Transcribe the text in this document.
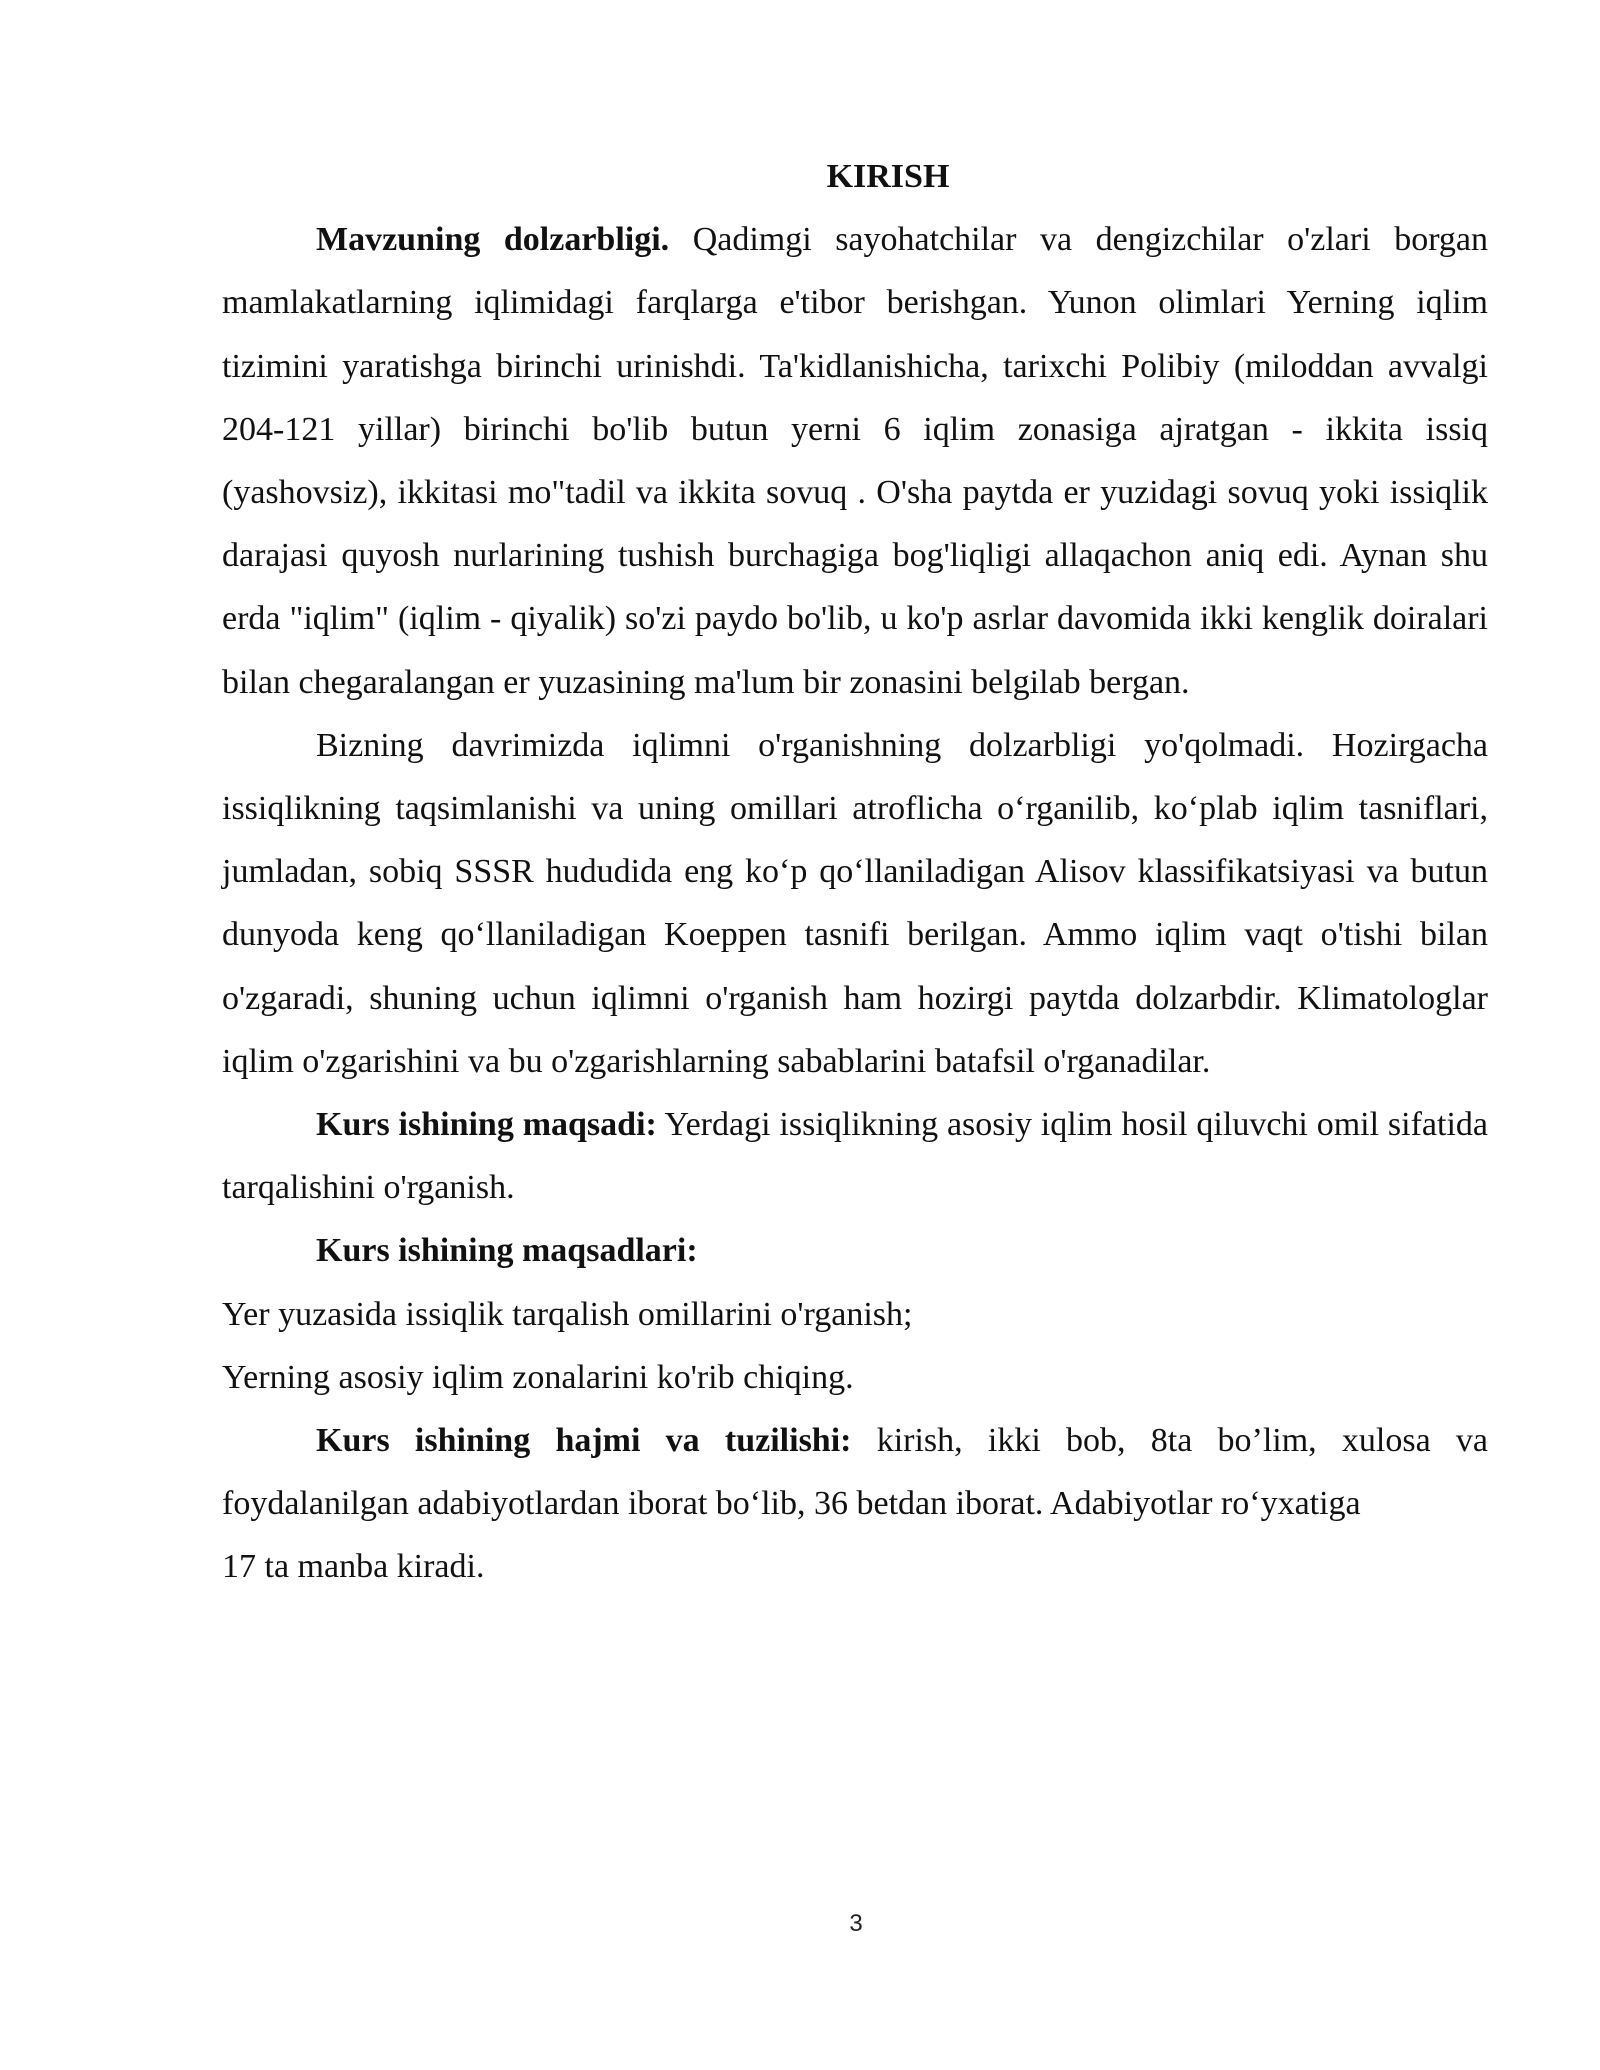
KIRISH

Mavzuning dolzarbligi. Qadimgi sayohatchilar va dengizchilar o'zlari borgan mamlakatlarning iqlimidagi farqlarga e'tibor berishgan. Yunon olimlari Yerning iqlim tizimini yaratishga birinchi urinishdi. Ta'kidlanishicha, tarixchi Polibiy (miloddan avvalgi 204-121 yillar) birinchi bo'lib butun yerni 6 iqlim zonasiga ajratgan - ikkita issiq (yashovsiz), ikkitasi mo"tadil va ikkita sovuq . O'sha paytda er yuzidagi sovuq yoki issiqlik darajasi quyosh nurlarining tushish burchagiga bog'liqligi allaqachon aniq edi. Aynan shu erda "iqlim" (iqlim - qiyalik) so'zi paydo bo'lib, u ko'p asrlar davomida ikki kenglik doiralari bilan chegaralangan er yuzasining ma'lum bir zonasini belgilab bergan.

Bizning davrimizda iqlimni o'rganishning dolzarbligi yo'qolmadi. Hozirgacha issiqlikning taqsimlanishi va uning omillari atroflicha o‘rganilib, ko‘plab iqlim tasniflari, jumladan, sobiq SSSR hududida eng ko‘p qo‘llaniladigan Alisov klassifikatsiyasi va butun dunyoda keng qo‘llaniladigan Koeppen tasnifi berilgan. Ammo iqlim vaqt o'tishi bilan o'zgaradi, shuning uchun iqlimni o'rganish ham hozirgi paytda dolzarbdir. Klimatologlar iqlim o'zgarishini va bu o'zgarishlarning sabablarini batafsil o'rganadilar.

Kurs ishining maqsadi: Yerdagi issiqlikning asosiy iqlim hosil qiluvchi omil sifatida tarqalishini o'rganish.

Kurs ishining maqsadlari:

Yer yuzasida issiqlik tarqalish omillarini o'rganish;

Yerning asosiy iqlim zonalarini ko'rib chiqing.

Kurs ishining hajmi va tuzilishi: kirish, ikki bob, 8ta bo’lim, xulosa va foydalanilgan adabiyotlardan iborat bo‘lib, 36 betdan iborat. Adabiyotlar ro‘yxatiga

17 ta manba kiradi.

3
